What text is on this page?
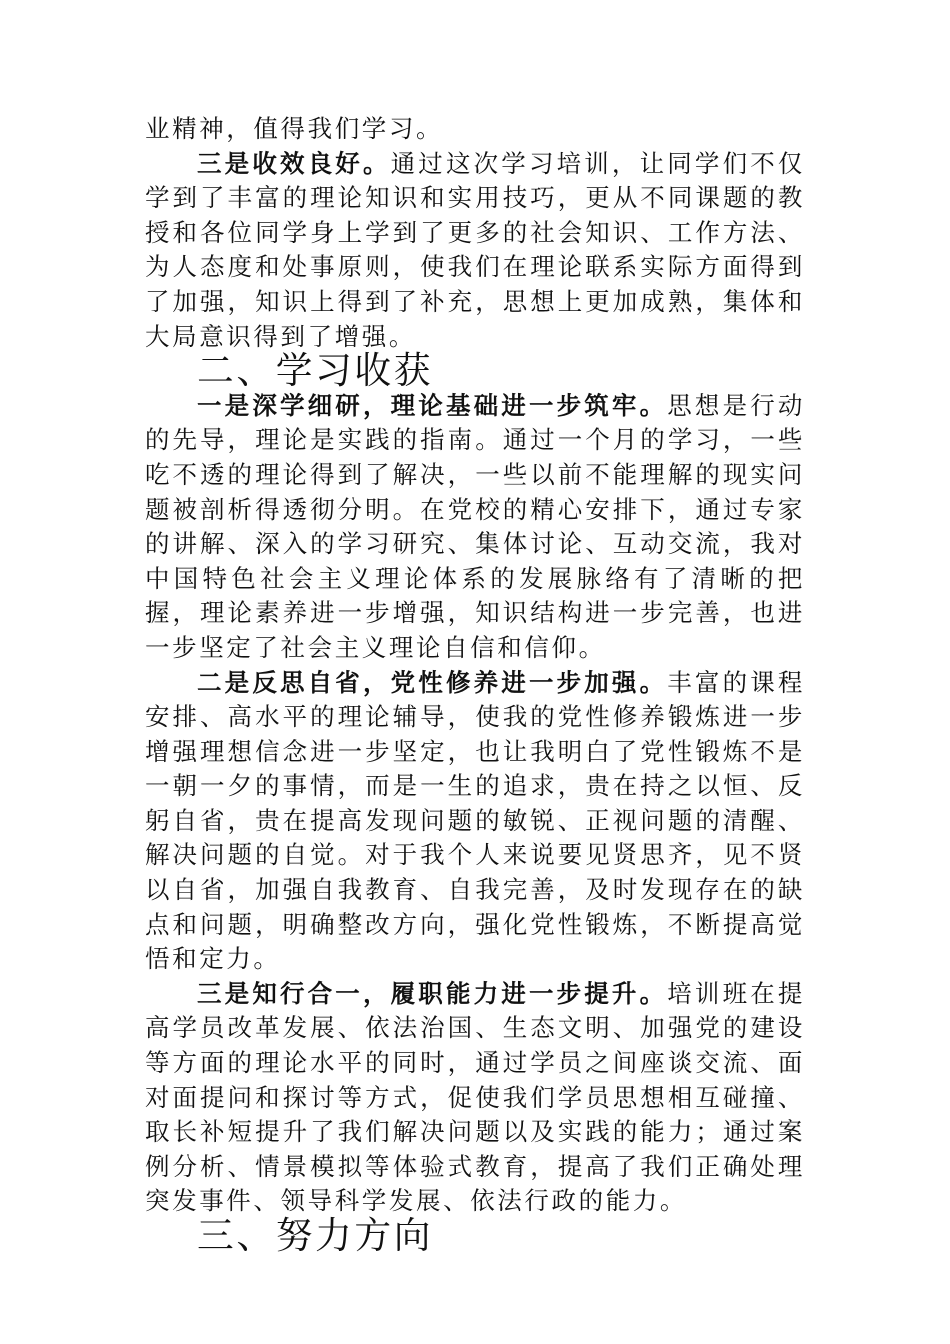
业精神，值得我们学习。

三是收效良好。通过这次学习培训，让同学们不仅学到了丰富的理论知识和实用技巧，更从不同课题的教授和各位同学身上学到了更多的社会知识、工作方法、为人态度和处事原则，使我们在理论联系实际方面得到了加强，知识上得到了补充，思想上更加成熟，集体和大局意识得到了增强。

二、学习收获

一是深学细研，理论基础进一步筑牢。思想是行动的先导，理论是实践的指南。通过一个月的学习，一些吃不透的理论得到了解决，一些以前不能理解的现实问题被剖析得透彻分明。在党校的精心安排下，通过专家的讲解、深入的学习研究、集体讨论、互动交流，我对中国特色社会主义理论体系的发展脉络有了清晰的把握，理论素养进一步增强，知识结构进一步完善，也进一步坚定了社会主义理论自信和信仰。

二是反思自省，党性修养进一步加强。丰富的课程安排、高水平的理论辅导，使我的党性修养锻炼进一步增强理想信念进一步坚定，也让我明白了党性锻炼不是一朝一夕的事情，而是一生的追求，贵在持之以恒、反躬自省，贵在提高发现问题的敏锐、正视问题的清醒、解决问题的自觉。对于我个人来说要见贤思齐，见不贤以自省，加强自我教育、自我完善，及时发现存在的缺点和问题，明确整改方向，强化党性锻炼，不断提高觉悟和定力。

三是知行合一，履职能力进一步提升。培训班在提高学员改革发展、依法治国、生态文明、加强党的建设等方面的理论水平的同时，通过学员之间座谈交流、面对面提问和探讨等方式，促使我们学员思想相互碰撞、取长补短提升了我们解决问题以及实践的能力；通过案例分析、情景模拟等体验式教育，提高了我们正确处理突发事件、领导科学发展、依法行政的能力。

三、努力方向
